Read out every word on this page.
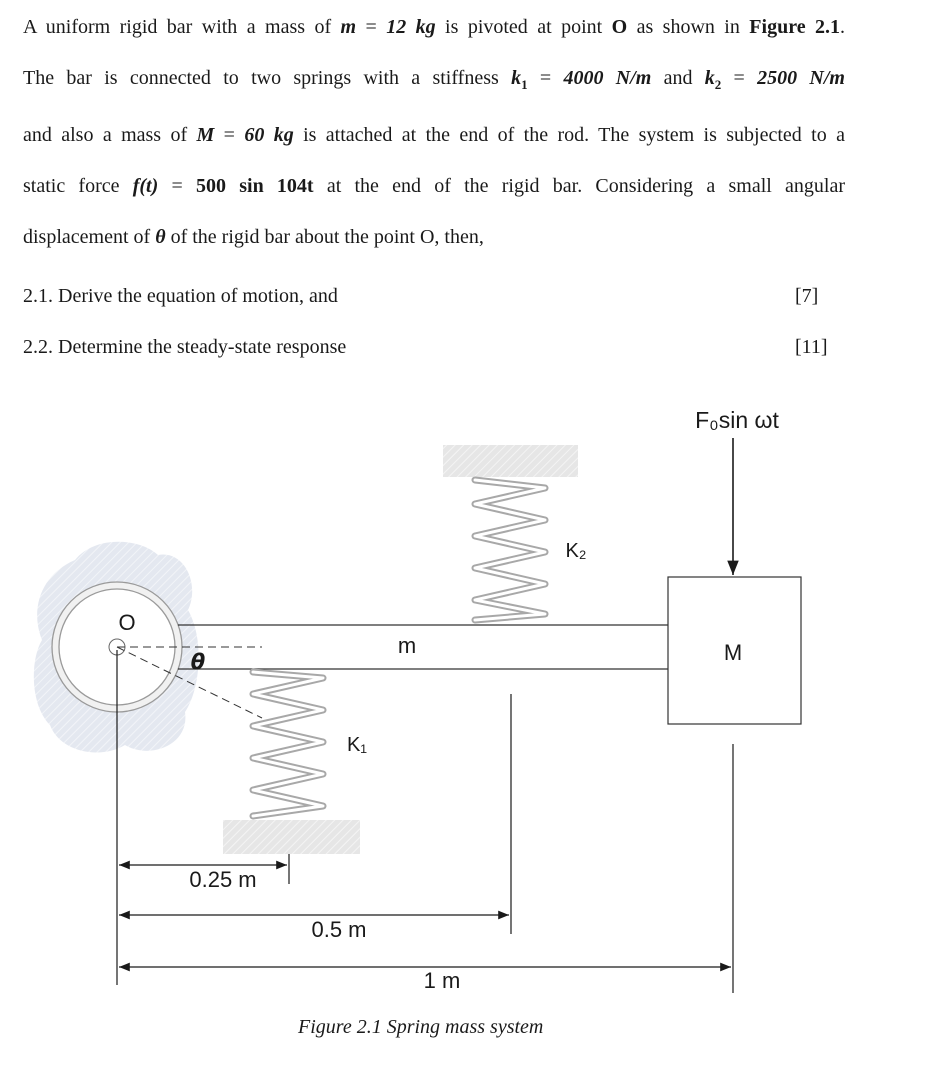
A uniform rigid bar with a mass of m = 12 kg is pivoted at point O as shown in Figure 2.1.
The bar is connected to two springs with a stiffness $k_1 = 4000$ N/m and $k_2 = 2500$ N/m
and also a mass of M = 60 kg is attached at the end of the rod. The system is subjected to a
static force f(t) = 500 sin 104t at the end of the rigid bar. Considering a small angular
displacement of θ of the rigid bar about the point O, then,
2.1. Derive the equation of motion, and	[7]
2.2. Determine the steady-state response	[11]
O
θ
m
K₁
K₂
M
F₀sin ωt
0.25 m
0.5 m
1 m
Figure 2.1 Spring mass system
